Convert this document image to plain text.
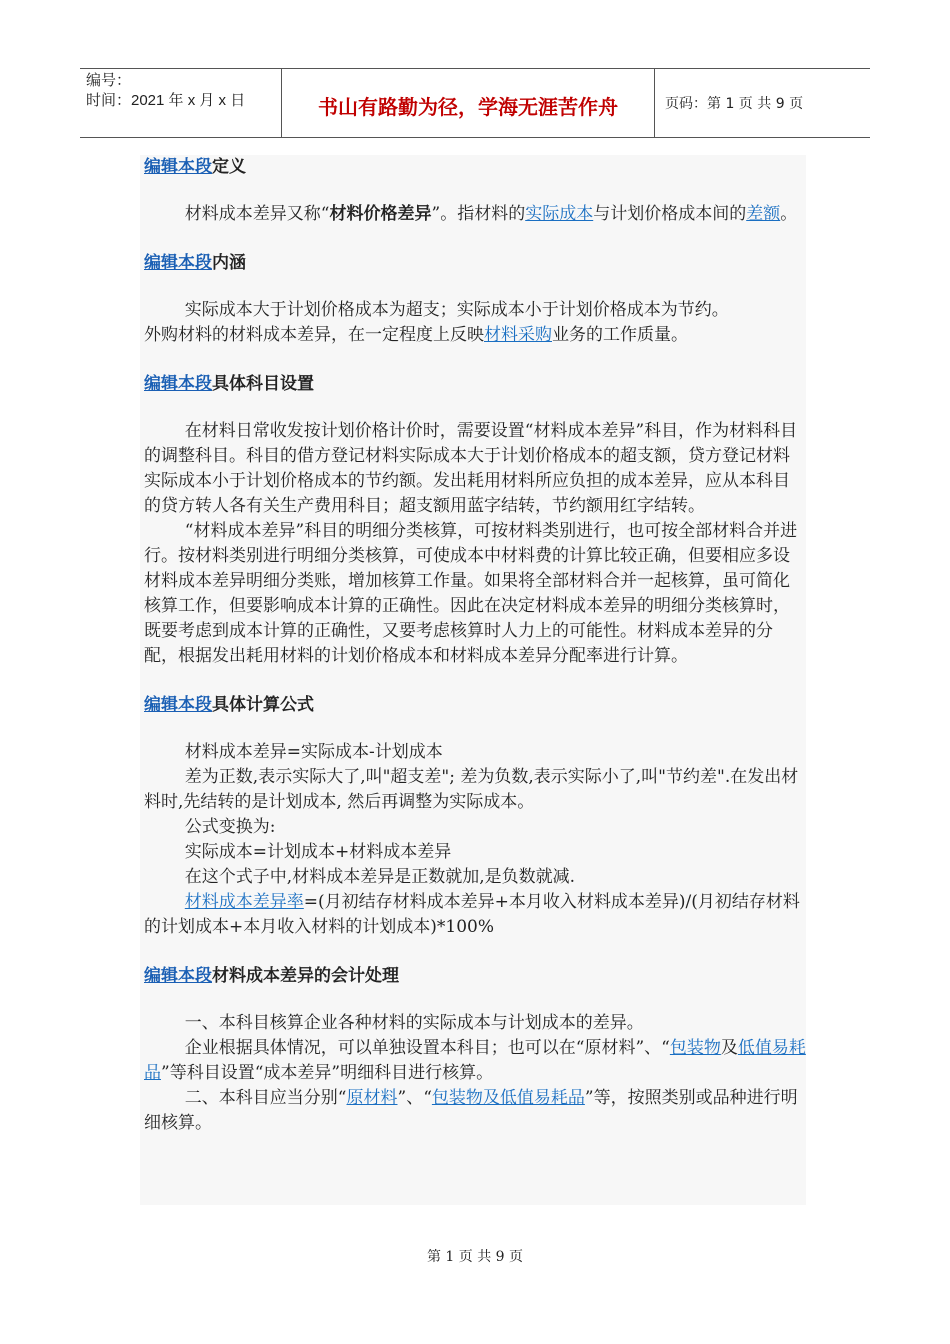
编号：
时间：2021 年 x 月 x 日	书山有路勤为径，学海无涯苦作舟	页码：第 1 页 共 9 页

编辑本段定义

材料成本差异又称“材料价格差异”。指材料的实际成本与计划价格成本间的差额。

编辑本段内涵

实际成本大于计划价格成本为超支；实际成本小于计划价格成本为节约。

外购材料的材料成本差异，在一定程度上反映材料采购业务的工作质量。

编辑本段具体科目设置

在材料日常收发按计划价格计价时，需要设置“材料成本差异”科目，作为材料科目的调整科目。科目的借方登记材料实际成本大于计划价格成本的超支额，贷方登记材料实际成本小于计划价格成本的节约额。发出耗用材料所应负担的成本差异，应从本科目的贷方转人各有关生产费用科目；超支额用蓝字结转，节约额用红字结转。

“材料成本差异”科目的明细分类核算，可按材料类别进行，也可按全部材料合并进行。按材料类别进行明细分类核算，可使成本中材料费的计算比较正确，但要相应多设材料成本差异明细分类账，增加核算工作量。如果将全部材料合并一起核算，虽可简化核算工作，但要影响成本计算的正确性。因此在决定材料成本差异的明细分类核算时，既要考虑到成本计算的正确性，又要考虑核算时人力上的可能性。材料成本差异的分配，根据发出耗用材料的计划价格成本和材料成本差异分配率进行计算。

编辑本段具体计算公式

材料成本差异=实际成本-计划成本

差为正数,表示实际大了,叫"超支差"; 差为负数,表示实际小了,叫"节约差".在发出材料时,先结转的是计划成本, 然后再调整为实际成本。

公式变换为:

实际成本=计划成本+材料成本差异

在这个式子中,材料成本差异是正数就加,是负数就减.

材料成本差异率=(月初结存材料成本差异+本月收入材料成本差异)/(月初结存材料的计划成本+本月收入材料的计划成本)*100%

编辑本段材料成本差异的会计处理

一、本科目核算企业各种材料的实际成本与计划成本的差异。

企业根据具体情况，可以单独设置本科目；也可以在“原材料”、“包装物及低值易耗品”等科目设置“成本差异”明细科目进行核算。

二、本科目应当分别“原材料”、“包装物及低值易耗品”等，按照类别或品种进行明细核算。

第 1 页 共 9 页
